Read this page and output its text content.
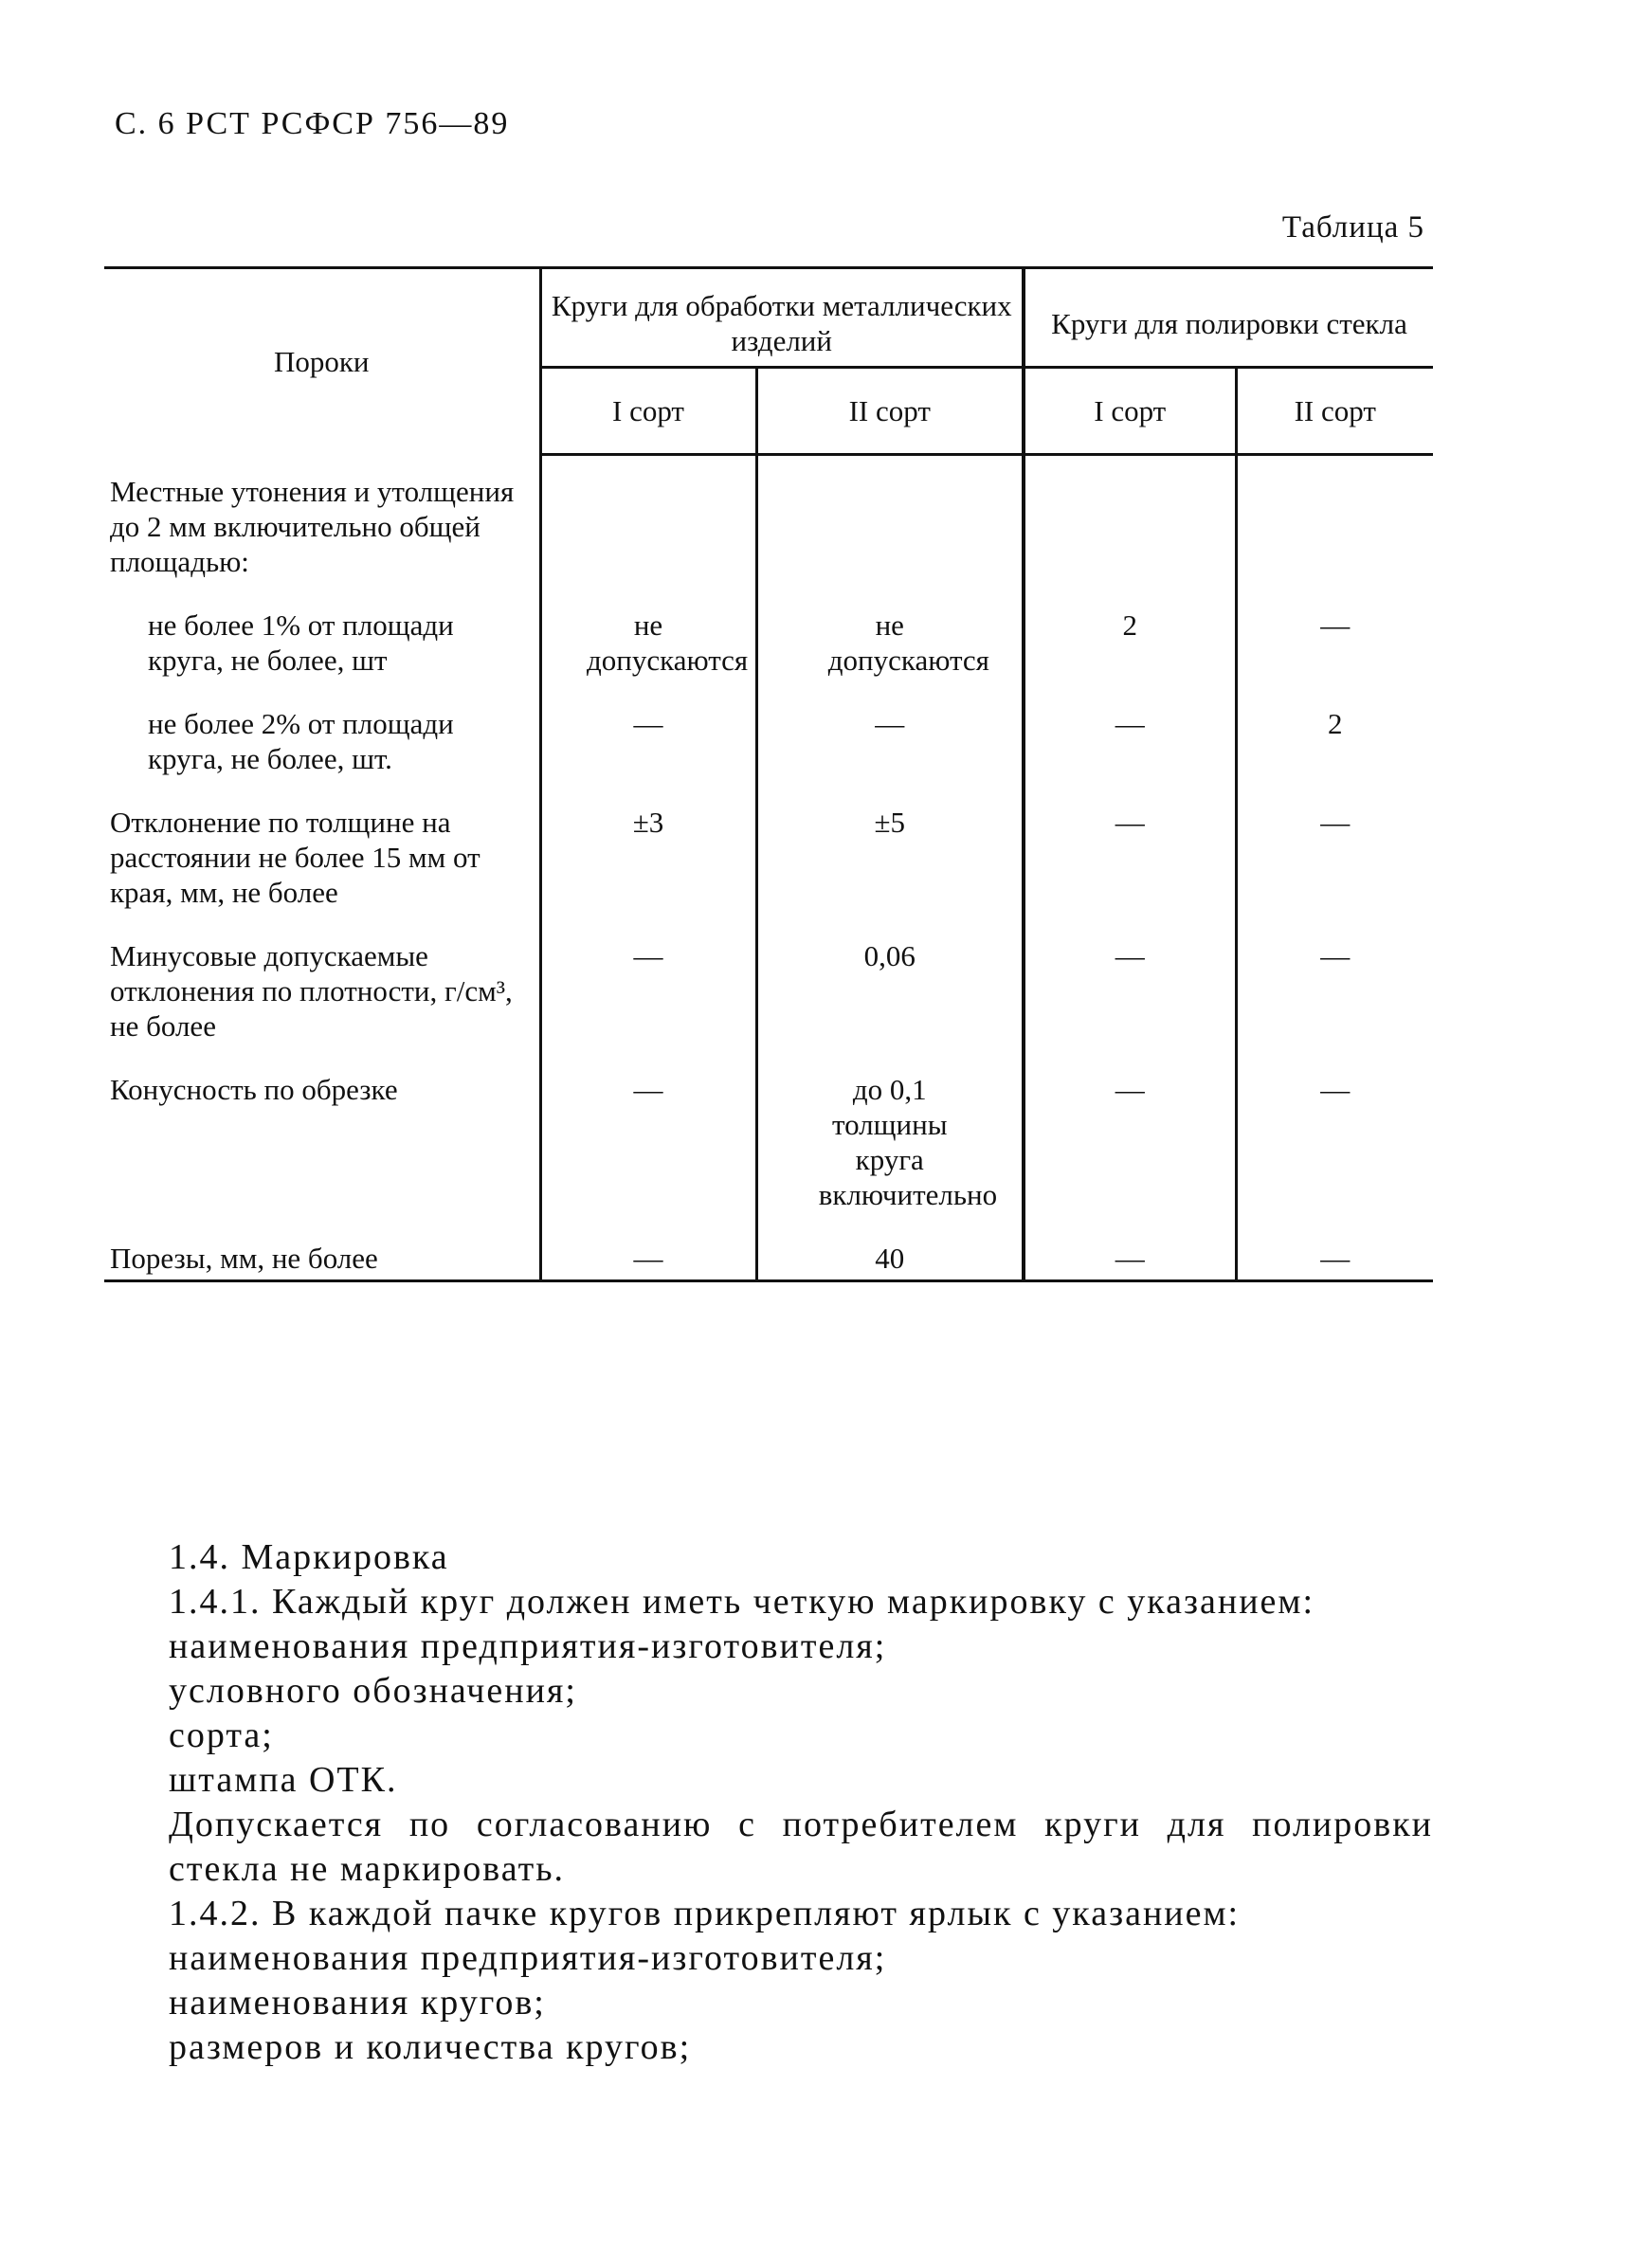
С. 6 РСТ РСФСР 756—89
Таблица 5
Пороки	Круги для обработки металлических изделий		Круги для полировки стекла	
	I сорт	II сорт	I сорт	II сорт
Местные утонения и утолщения до 2 мм включительно общей площадью:				
не более 1% от площади круга, не более, шт	не допускаются	не допускаются	2	—
не более 2% от площади круга, не более, шт.	—	—	—	2
Отклонение по толщине на расстоянии не более 15 мм от края, мм, не более	±3	±5	—	—
Минусовые допускаемые отклонения по плотности, г/см³, не более	—	0,06	—	—
Конусность по обрезке	—	до 0,1 толщины круга включительно	—	—
Порезы, мм, не более	—	40	—	—

1.4. Маркировка

1.4.1. Каждый круг должен иметь четкую маркировку с указанием:

наименования предприятия-изготовителя;

условного обозначения;

сорта;

штампа ОТК.

Допускается по согласованию с потребителем круги для полировки стекла не маркировать.

1.4.2. В каждой пачке кругов прикрепляют ярлык с указанием:

наименования предприятия-изготовителя;

наименования кругов;

размеров и количества кругов;
